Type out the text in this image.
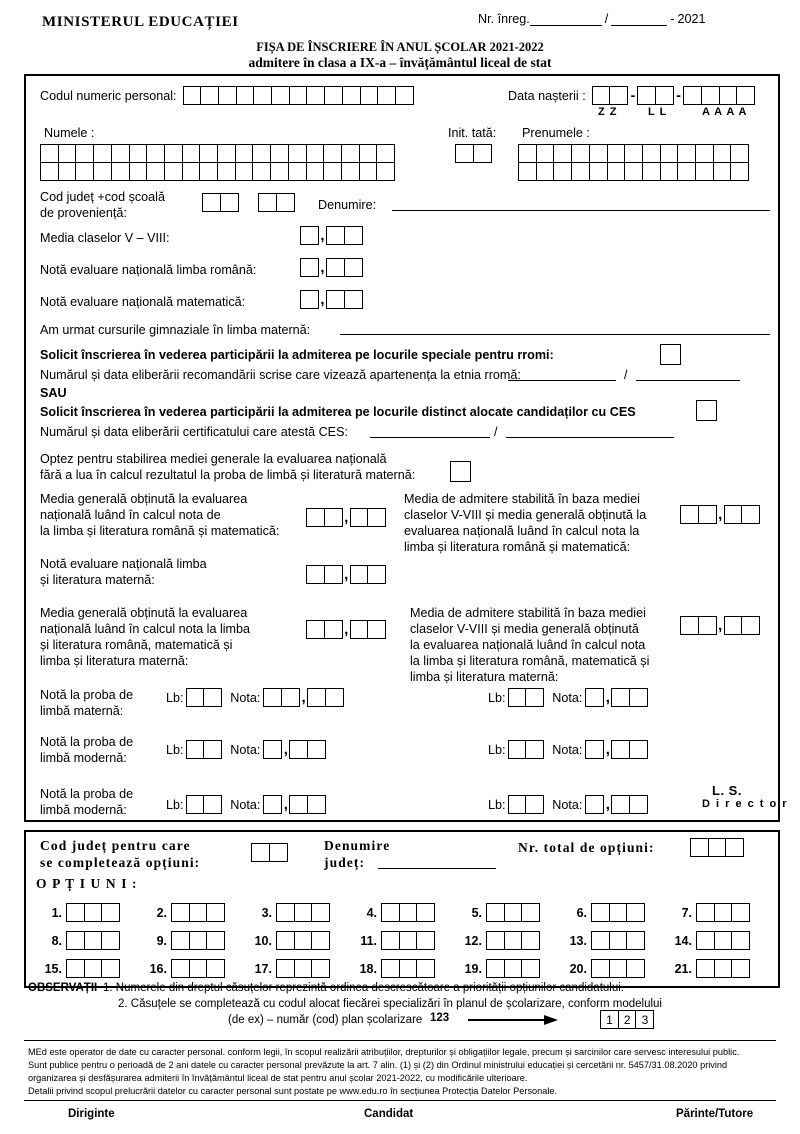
MINISTERUL EDUCAȚIEI	Nr. înreg.	/	- 2021
FIȘA DE ÎNSCRIERE ÎN ANUL ȘCOLAR 2021-2022
admitere în clasa a IX-a – învățământul liceal de stat
Codul numeric personal:	Data nașterii :	-	-
Z Z	L L	A A A A
Numele :	Init. tată: Prenumele :
Cod județ +cod școală
de proveniență:
Denumire:
Media claselor V – VIII:	,
Notă evaluare națională limba română:	,
Notă evaluare națională matematică:	,
Am urmat cursurile gimnaziale în limba maternă:
Solicit înscrierea în vederea participării la admiterea pe locurile speciale pentru rromi:
Numărul și data eliberării recomandării scrise care vizează apartenența la etnia rromă:	/
SAU
Solicit înscrierea în vederea participării la admiterea pe locurile distinct alocate candidaților cu CES
Numărul și data eliberării certificatului care atestă CES:	/
Optez pentru stabilirea mediei generale la evaluarea națională
fără a lua în calcul rezultatul la proba de limbă și literatură maternă:
Media generală obținută la evaluarea
națională luând în calcul nota de
la limba și literatura română și matematică:
,
Media de admitere stabilită în baza mediei
claselor V-VIII și media generală obținută la
evaluarea națională luând în calcul nota la
limba și literatura română și matematică:
,
Notă evaluare națională limba
și literatura maternă:	,
Media generală obținută la evaluarea
națională luând în calcul nota la limba
și literatura română, matematică și
limba și literatura maternă:
,
Media de admitere stabilită în baza mediei
claselor V-VIII și media generală obținută
la evaluarea națională luând în calcul nota
la limba și literatura română, matematică și
limba și literatura maternă:
,
Notă la proba de
limbă maternă:
Lb:	Nota:	,	Lb:	Nota: ,
Notă la proba de
limbă modernă:
Lb:	Nota: ,	Lb:	Nota: ,
Notă la proba de
limbă modernă:	Lb:	Nota: ,	Lb:	Nota: ,
L. S.
D i r e c t o r
Cod județ pentru care
se completează opțiuni:
Denumire
județ:
Nr. total de opțiuni:
O P Ț I U N I :
1.	2.	3.	4.	5.	6.	7.
8.	9.	10.	11.	12.	13.	14.
15.	16.	17.	18.	19.	20.	21.
OBSERVAȚII 1. Numerele din dreptul căsuțelor reprezintă ordinea descrescătoare a priorității opțiunilor candidatului.
2. Căsuțele se completează cu codul alocat fiecărei specializări în planul de școlarizare, conform modelului
(de ex) – număr (cod) plan școlarizare 123	1 2 3
MEd este operator de date cu caracter personal. conform legii, în scopul realizării atribuțiilor, drepturilor și obligațiilor legale, precum și sarcinilor care servesc interesului public.
Sunt publice pentru o perioadă de 2 ani datele cu caracter personal prevăzute la art. 7 alin. (1) și (2) din Ordinul ministrului educației și cercetării nr. 5457/31.08.2020 privind
organizarea și desfășurarea admiterii în învățământul liceal de stat pentru anul școlar 2021-2022, cu modificările ulterioare.
Detalii privind scopul prelucrării datelor cu caracter personal sunt postate pe www.edu.ro în secțiunea Protecția Datelor Personale.
Diriginte	Candidat	Părinte/Tutore
